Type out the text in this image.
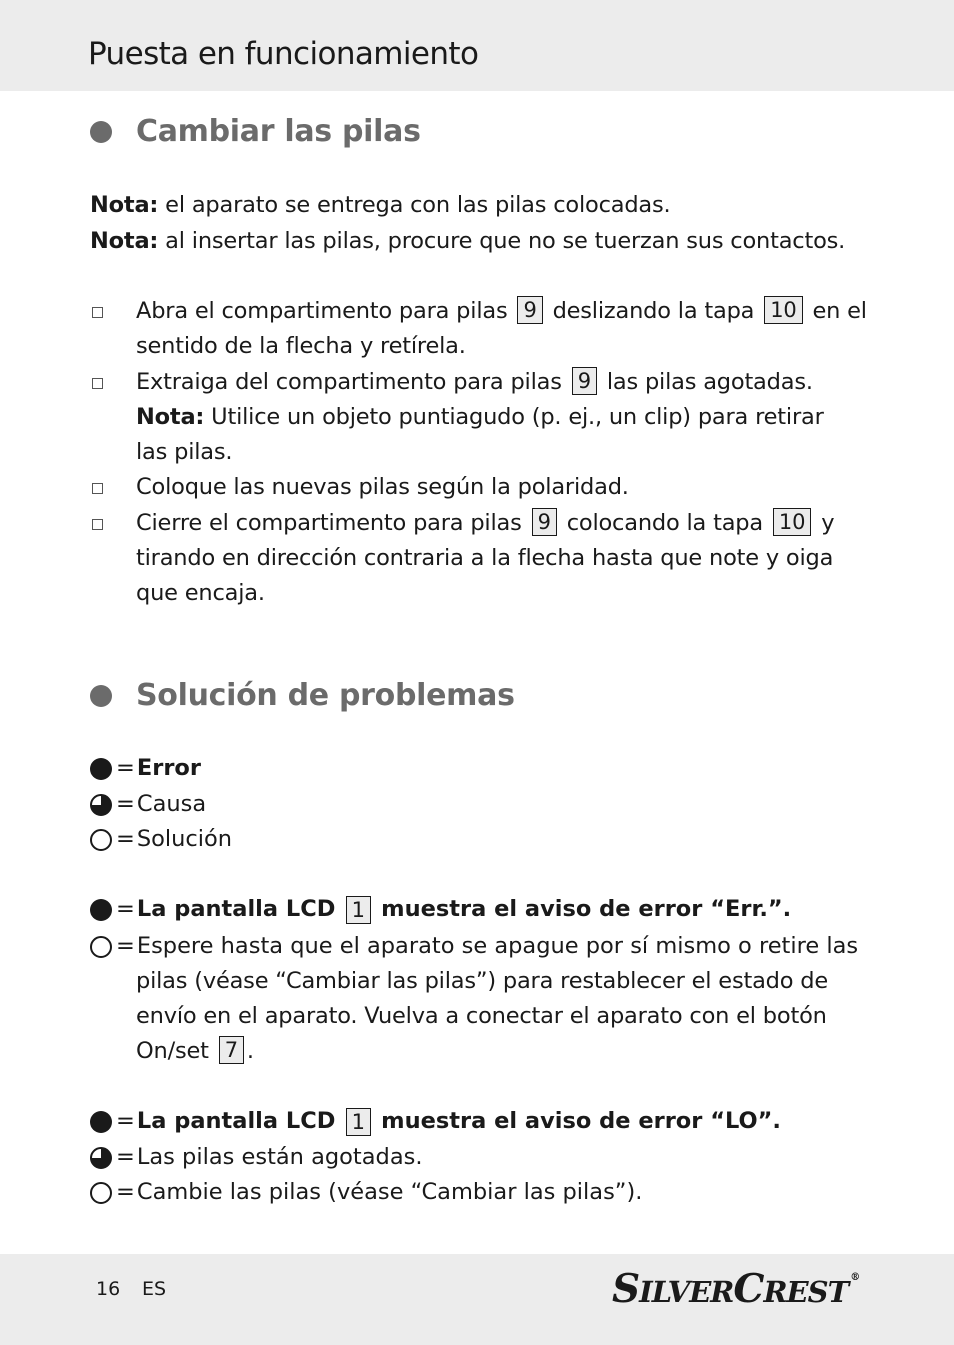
Puesta en funcionamiento
Cambiar las pilas
Nota: el aparato se entrega con las pilas colocadas.
Nota: al insertar las pilas, procure que no se tuerzan sus contactos.
Abra el compartimento para pilas 9 deslizando la tapa 10 en el
sentido de la flecha y retírela.
Extraiga del compartimento para pilas 9 las pilas agotadas.
Nota: Utilice un objeto puntiagudo (p. ej., un clip) para retirar
las pilas.
Coloque las nuevas pilas según la polaridad.
Cierre el compartimento para pilas 9 colocando la tapa 10 y
tirando en dirección contraria a la flecha hasta que note y oiga
que encaja.
Solución de problemas
= Error
= Causa
= Solución
= La pantalla LCD
1
muestra el aviso de error “Err.”.
= Espere hasta que el aparato se apague por sí mismo o retire las
pilas (véase “Cambiar las pilas”) para restablecer el estado de
envío en el aparato. Vuelva a conectar el aparato con el botón
On/set 7 .
= La pantalla LCD
1
muestra el aviso de error “LO”.
= Las pilas están agotadas.
= Cambie las pilas (véase “Cambiar las pilas”).
16 ES	SILVERCREST ®
